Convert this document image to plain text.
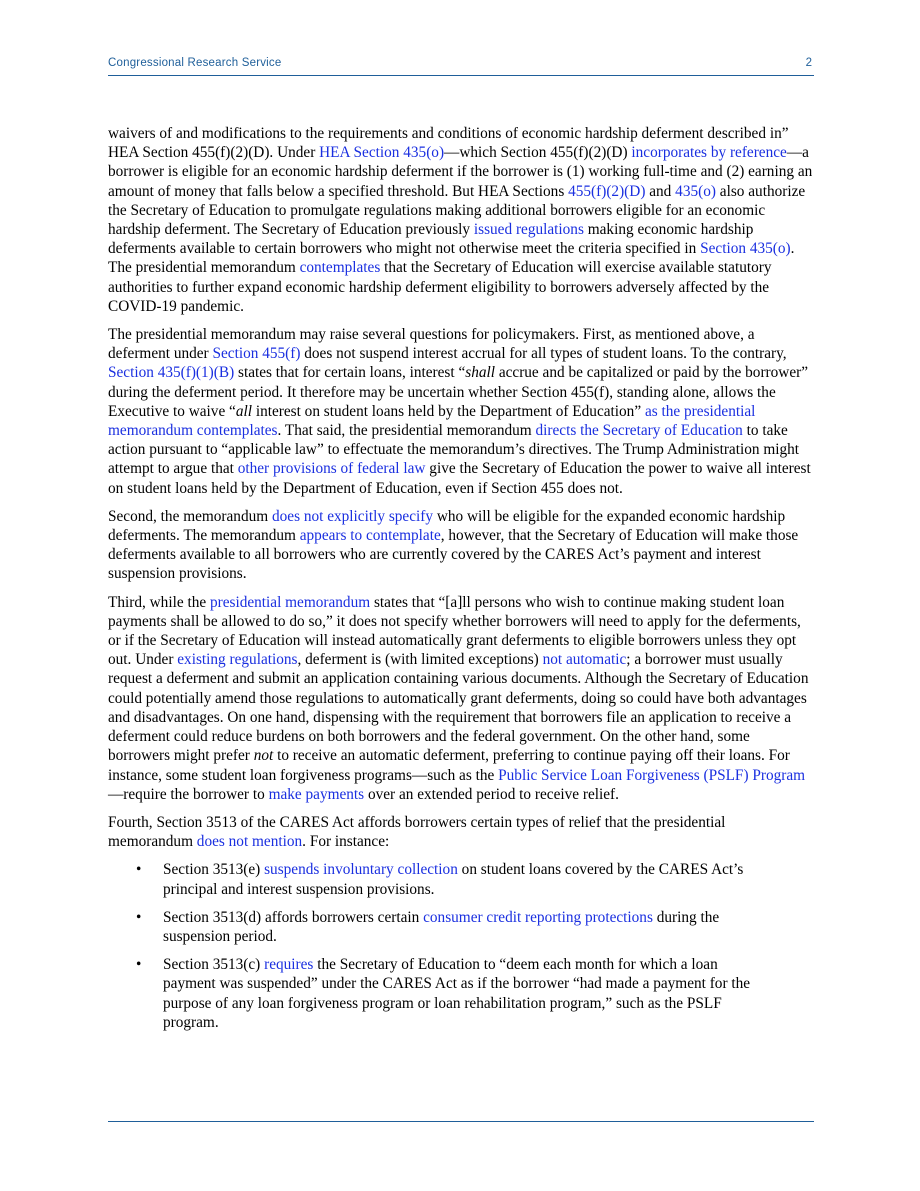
Congressional Research Service	2

waivers of and modifications to the requirements and conditions of economic hardship deferment described in” HEA Section 455(f)(2)(D). Under HEA Section 435(o)—which Section 455(f)(2)(D) incorporates by reference—a borrower is eligible for an economic hardship deferment if the borrower is (1) working full-time and (2) earning an amount of money that falls below a specified threshold. But HEA Sections 455(f)(2)(D) and 435(o) also authorize the Secretary of Education to promulgate regulations making additional borrowers eligible for an economic hardship deferment. The Secretary of Education previously issued regulations making economic hardship deferments available to certain borrowers who might not otherwise meet the criteria specified in Section 435(o). The presidential memorandum contemplates that the Secretary of Education will exercise available statutory authorities to further expand economic hardship deferment eligibility to borrowers adversely affected by the COVID-19 pandemic.

The presidential memorandum may raise several questions for policymakers. First, as mentioned above, a deferment under Section 455(f) does not suspend interest accrual for all types of student loans. To the contrary, Section 435(f)(1)(B) states that for certain loans, interest “shall accrue and be capitalized or paid by the borrower” during the deferment period. It therefore may be uncertain whether Section 455(f), standing alone, allows the Executive to waive “all interest on student loans held by the Department of Education” as the presidential memorandum contemplates. That said, the presidential memorandum directs the Secretary of Education to take action pursuant to “applicable law” to effectuate the memorandum’s directives. The Trump Administration might attempt to argue that other provisions of federal law give the Secretary of Education the power to waive all interest on student loans held by the Department of Education, even if Section 455 does not.

Second, the memorandum does not explicitly specify who will be eligible for the expanded economic hardship deferments. The memorandum appears to contemplate, however, that the Secretary of Education will make those deferments available to all borrowers who are currently covered by the CARES Act’s payment and interest suspension provisions.

Third, while the presidential memorandum states that “[a]ll persons who wish to continue making student loan payments shall be allowed to do so,” it does not specify whether borrowers will need to apply for the deferments, or if the Secretary of Education will instead automatically grant deferments to eligible borrowers unless they opt out. Under existing regulations, deferment is (with limited exceptions) not automatic; a borrower must usually request a deferment and submit an application containing various documents. Although the Secretary of Education could potentially amend those regulations to automatically grant deferments, doing so could have both advantages and disadvantages. On one hand, dispensing with the requirement that borrowers file an application to receive a deferment could reduce burdens on both borrowers and the federal government. On the other hand, some borrowers might prefer not to receive an automatic deferment, preferring to continue paying off their loans. For instance, some student loan forgiveness programs—such as the Public Service Loan Forgiveness (PSLF) Program—require the borrower to make payments over an extended period to receive relief.

Fourth, Section 3513 of the CARES Act affords borrowers certain types of relief that the presidential memorandum does not mention. For instance:

• Section 3513(e) suspends involuntary collection on student loans covered by the CARES Act’s principal and interest suspension provisions.
• Section 3513(d) affords borrowers certain consumer credit reporting protections during the suspension period.
• Section 3513(c) requires the Secretary of Education to “deem each month for which a loan payment was suspended” under the CARES Act as if the borrower “had made a payment for the purpose of any loan forgiveness program or loan rehabilitation program,” such as the PSLF program.
